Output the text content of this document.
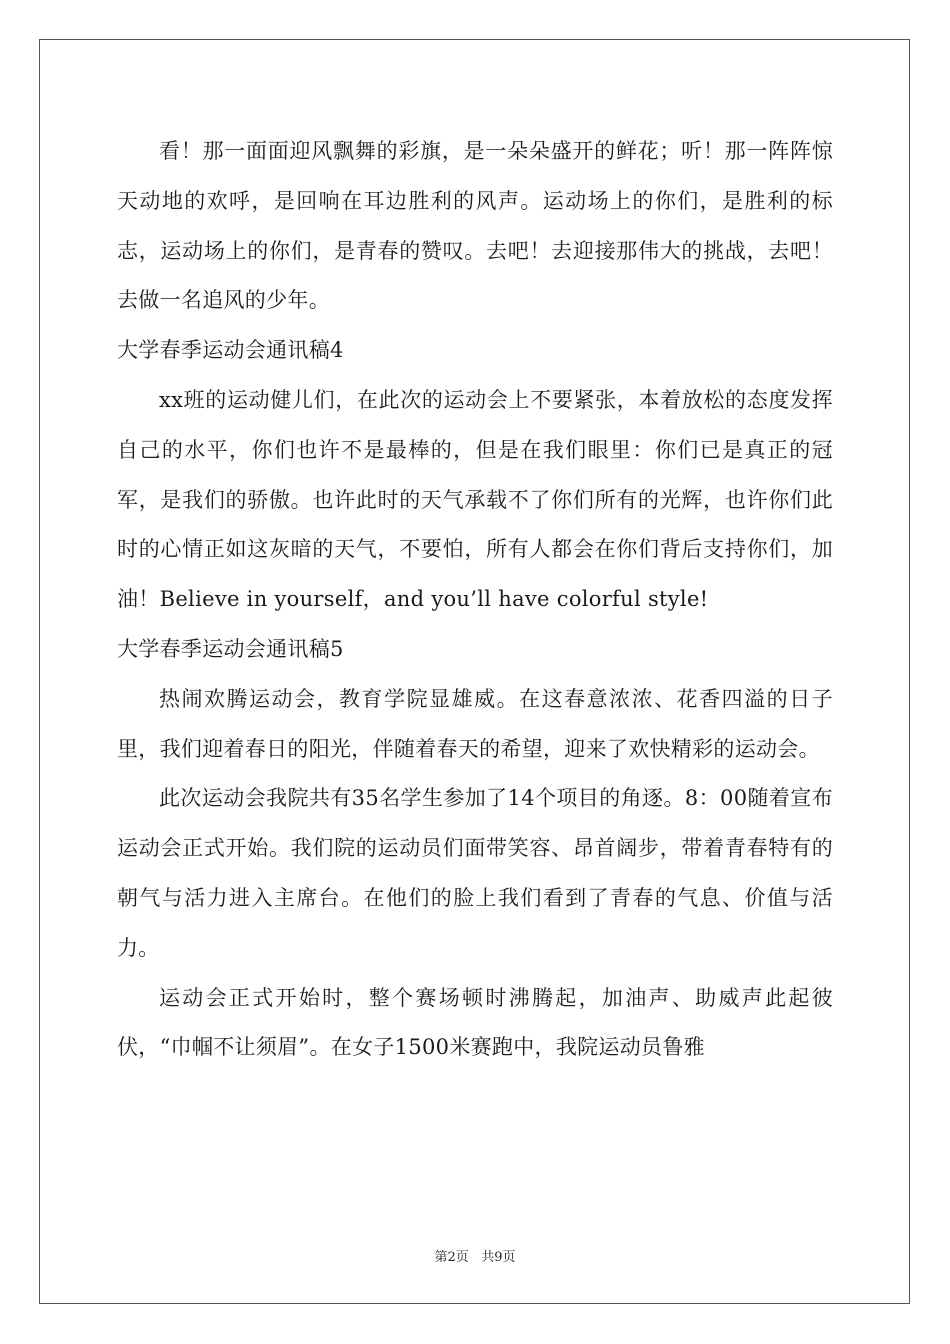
看！那一面面迎风飘舞的彩旗，是一朵朵盛开的鲜花；听！那一阵阵惊天动地的欢呼，是回响在耳边胜利的风声。运动场上的你们，是胜利的标志，运动场上的你们，是青春的赞叹。去吧！去迎接那伟大的挑战，去吧！去做一名追风的少年。

大学春季运动会通讯稿4

xx班的运动健儿们，在此次的运动会上不要紧张，本着放松的态度发挥自己的水平，你们也许不是最棒的，但是在我们眼里：你们已是真正的冠军，是我们的骄傲。也许此时的天气承载不了你们所有的光辉，也许你们此时的心情正如这灰暗的天气，不要怕，所有人都会在你们背后支持你们，加油！Believe in yourself，and you’ll have colorful style!

大学春季运动会通讯稿5

热闹欢腾运动会，教育学院显雄威。在这春意浓浓、花香四溢的日子里，我们迎着春日的阳光，伴随着春天的希望，迎来了欢快精彩的运动会。

此次运动会我院共有35名学生参加了14个项目的角逐。8：00随着宣布运动会正式开始。我们院的运动员们面带笑容、昂首阔步，带着青春特有的朝气与活力进入主席台。在他们的脸上我们看到了青春的气息、价值与活力。

运动会正式开始时，整个赛场顿时沸腾起，加油声、助威声此起彼伏，“巾帼不让须眉”。在女子1500米赛跑中，我院运动员鲁雅

第2页 共9页
